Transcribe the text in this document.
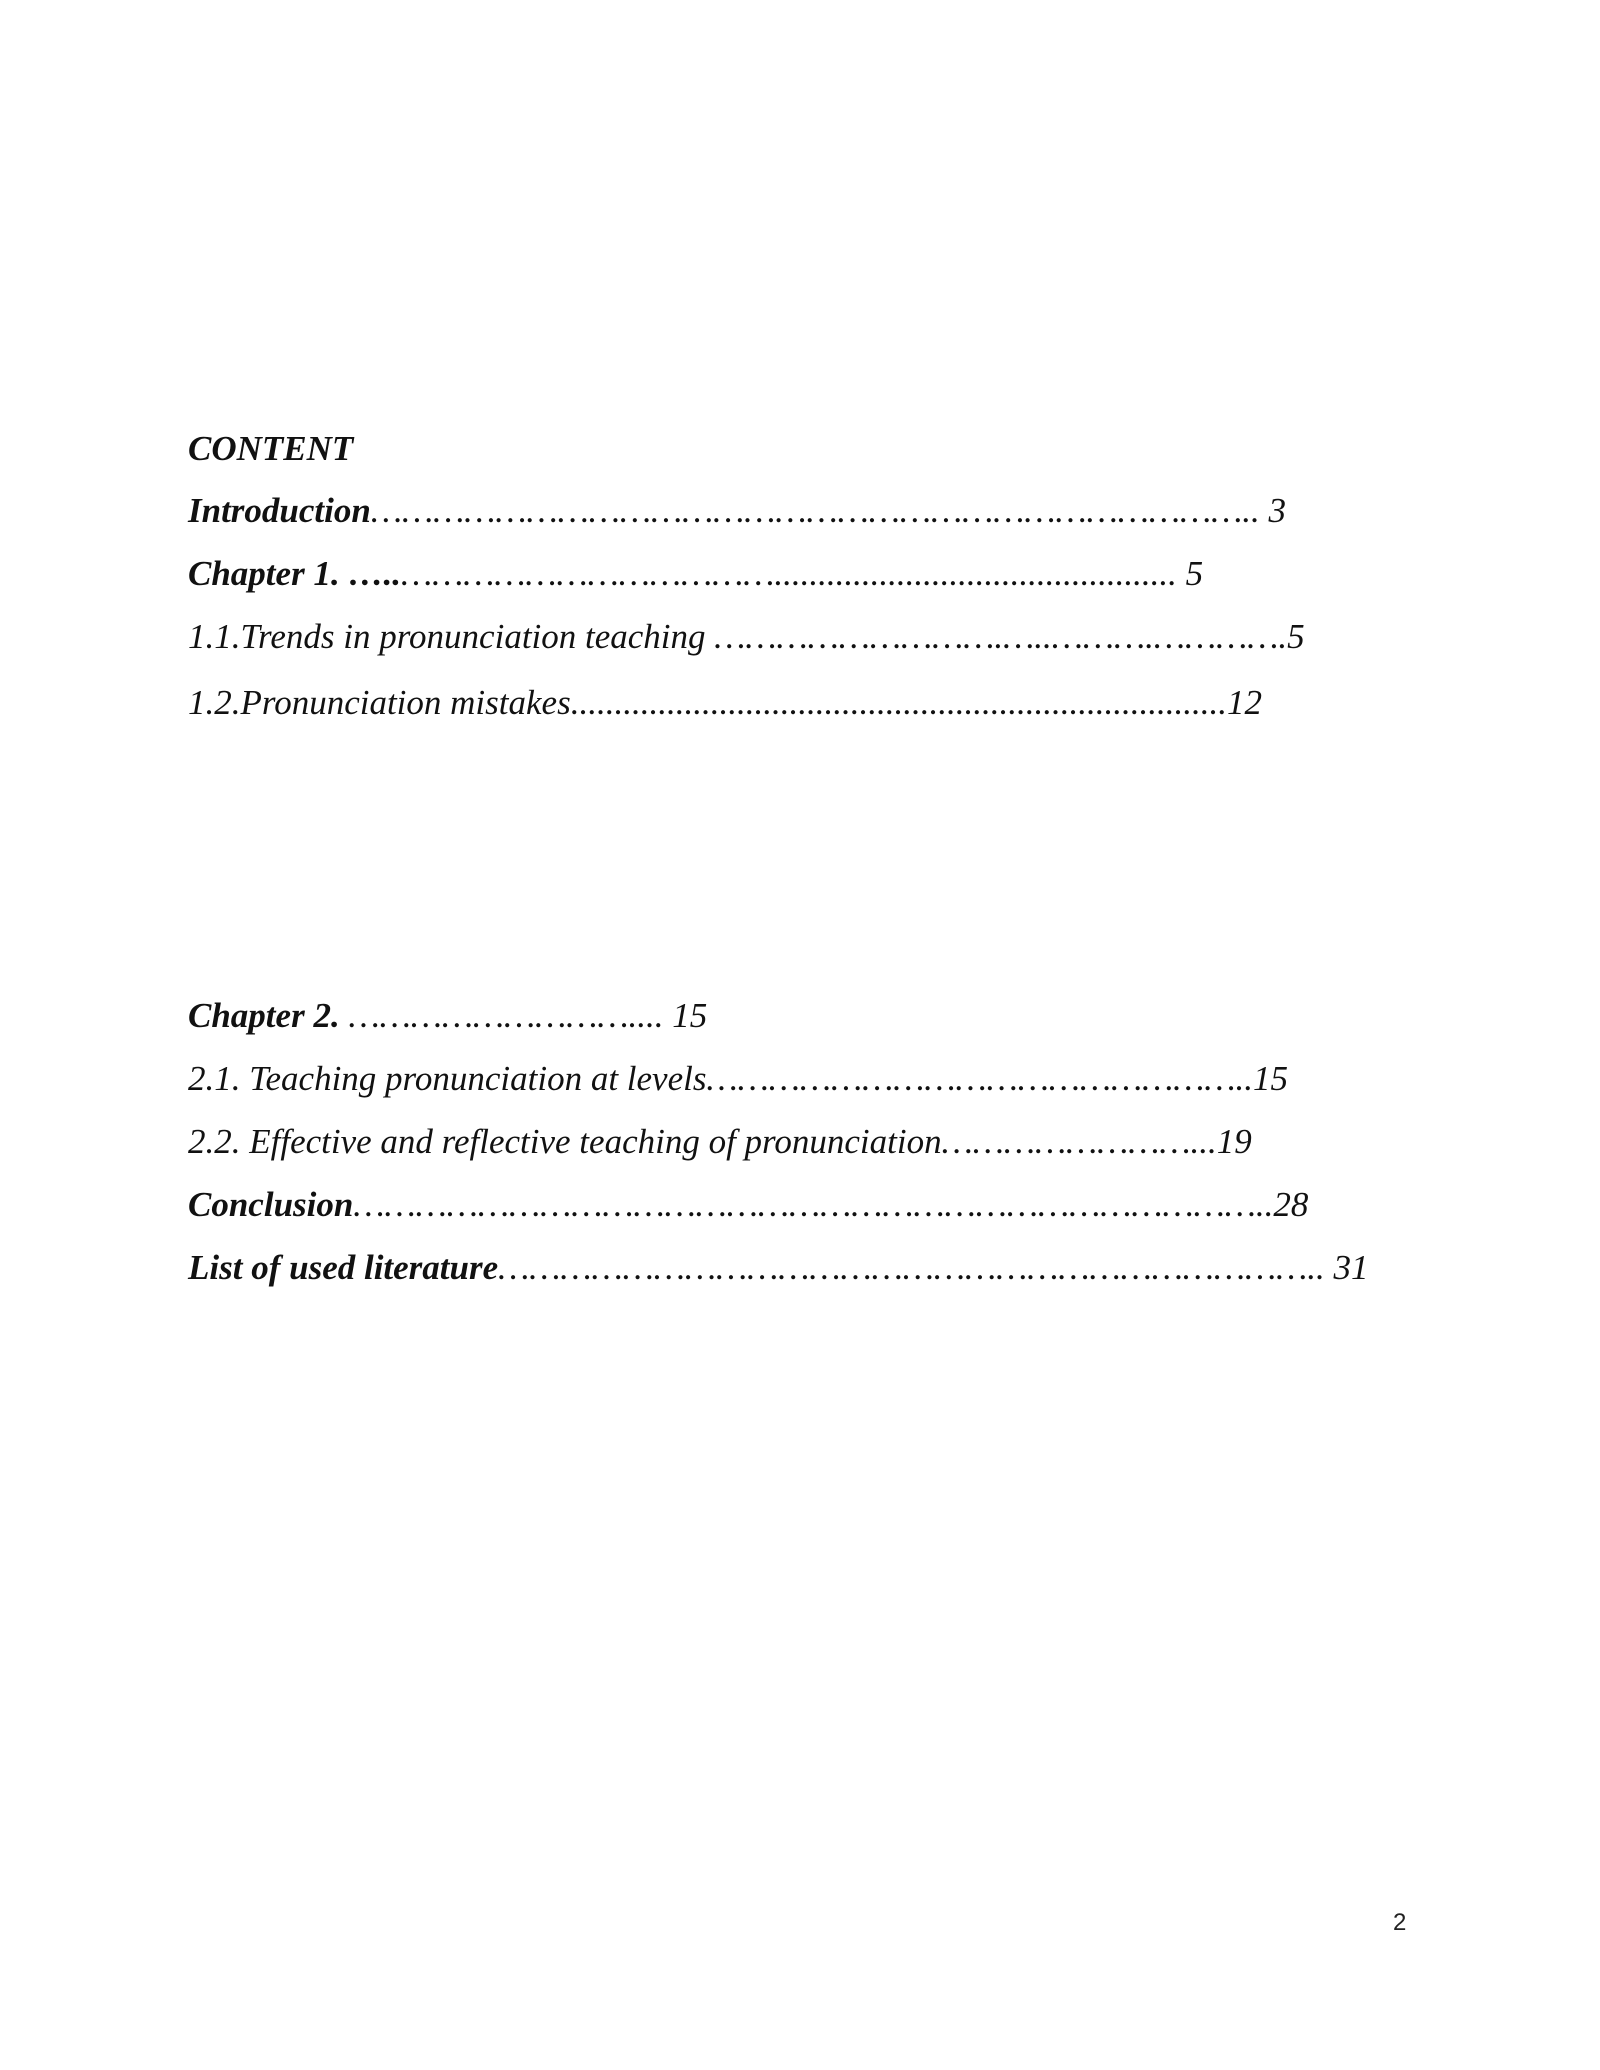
CONTENT
Introduction………………………………………………………………………….. 3
Chapter 1. …..……………………………….............................................. 5
1.1.Trends in pronunciation teaching ……………………….…..……….………….5
1.2.Pronunciation mistakes...........................................................................12
Chapter 2. ……………………….... 15
2.1. Teaching pronunciation at levels……………………………………………..15
2.2. Effective and reflective teaching of pronunciation……………………...19
Conclusion……………………………………………………………………………..28
List of used literature…………………………………………………………………….. 31
2
